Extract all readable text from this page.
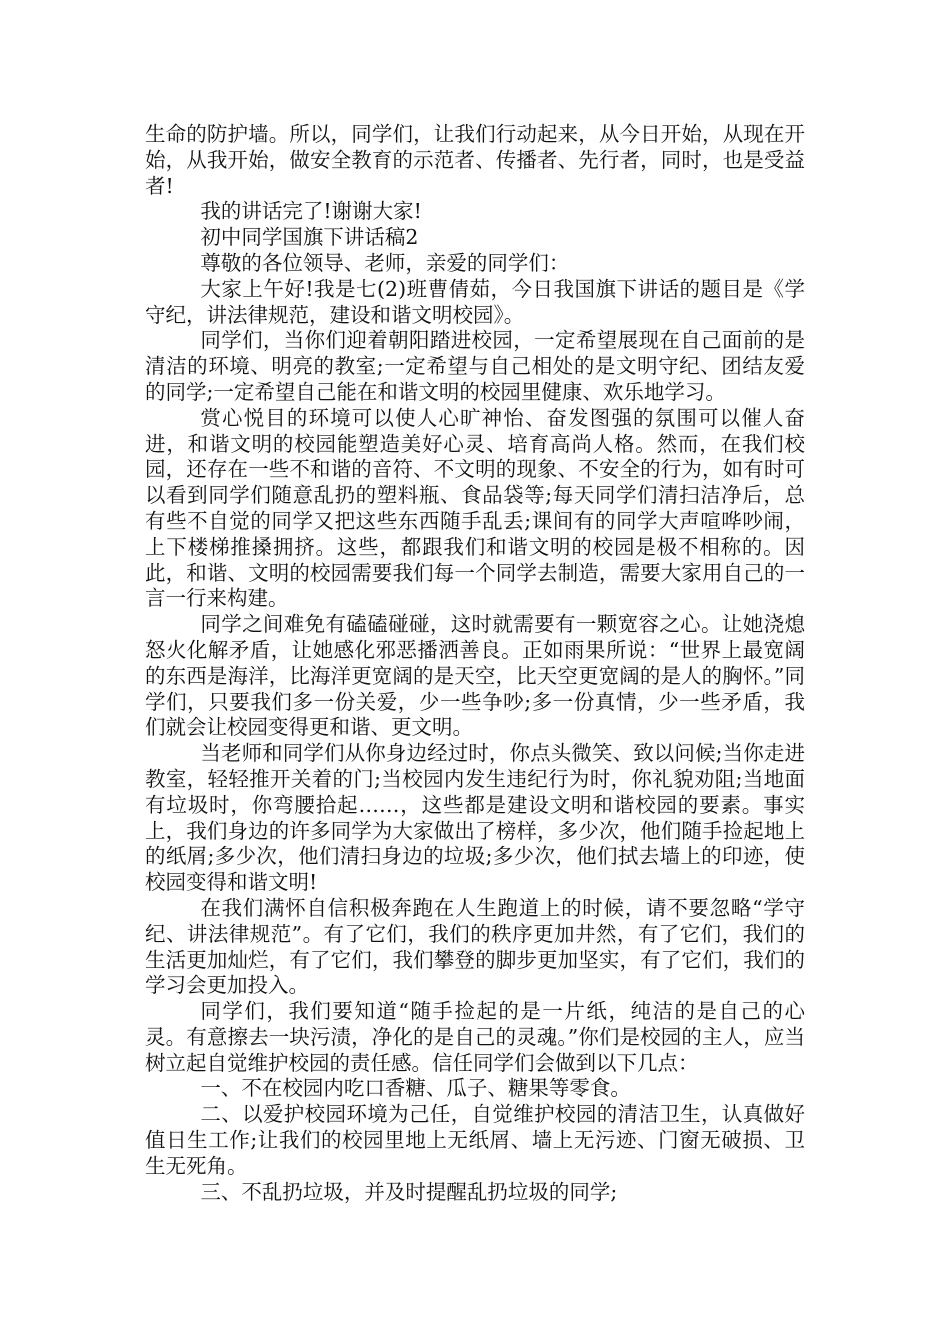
生命的防护墙。所以，同学们，让我们行动起来，从今日开始，从现在开始，从我开始，做安全教育的示范者、传播者、先行者，同时，也是受益者!

我的讲话完了!谢谢大家!

初中同学国旗下讲话稿2

尊敬的各位领导、老师，亲爱的同学们：

大家上午好!我是七(2)班曹倩茹，今日我国旗下讲话的题目是《学守纪，讲法律规范，建设和谐文明校园》。

同学们，当你们迎着朝阳踏进校园，一定希望展现在自己面前的是清洁的环境、明亮的教室;一定希望与自己相处的是文明守纪、团结友爱的同学;一定希望自己能在和谐文明的校园里健康、欢乐地学习。

赏心悦目的环境可以使人心旷神怡、奋发图强的氛围可以催人奋进，和谐文明的校园能塑造美好心灵、培育高尚人格。然而，在我们校园，还存在一些不和谐的音符、不文明的现象、不安全的行为，如有时可以看到同学们随意乱扔的塑料瓶、食品袋等;每天同学们清扫洁净后，总有些不自觉的同学又把这些东西随手乱丢;课间有的同学大声喧哗吵闹，上下楼梯推搡拥挤。这些，都跟我们和谐文明的校园是极不相称的。因此，和谐、文明的校园需要我们每一个同学去制造，需要大家用自己的一言一行来构建。

同学之间难免有磕磕碰碰，这时就需要有一颗宽容之心。让她浇熄怒火化解矛盾，让她感化邪恶播洒善良。正如雨果所说：“世界上最宽阔的东西是海洋，比海洋更宽阔的是天空，比天空更宽阔的是人的胸怀。”同学们，只要我们多一份关爱，少一些争吵;多一份真情，少一些矛盾，我们就会让校园变得更和谐、更文明。

当老师和同学们从你身边经过时，你点头微笑、致以问候;当你走进教室，轻轻推开关着的门;当校园内发生违纪行为时，你礼貌劝阻;当地面有垃圾时，你弯腰拾起……，这些都是建设文明和谐校园的要素。事实上，我们身边的许多同学为大家做出了榜样，多少次，他们随手捡起地上的纸屑;多少次，他们清扫身边的垃圾;多少次，他们拭去墙上的印迹，使校园变得和谐文明!

在我们满怀自信积极奔跑在人生跑道上的时候，请不要忽略“学守纪、讲法律规范”。有了它们，我们的秩序更加井然，有了它们，我们的生活更加灿烂，有了它们，我们攀登的脚步更加坚实，有了它们，我们的学习会更加投入。

同学们，我们要知道“随手捡起的是一片纸，纯洁的是自己的心灵。有意擦去一块污渍，净化的是自己的灵魂。”你们是校园的主人，应当树立起自觉维护校园的责任感。信任同学们会做到以下几点：

一、不在校园内吃口香糖、瓜子、糖果等零食。

二、以爱护校园环境为己任，自觉维护校园的清洁卫生，认真做好值日生工作;让我们的校园里地上无纸屑、墙上无污迹、门窗无破损、卫生无死角。

三、不乱扔垃圾，并及时提醒乱扔垃圾的同学;
